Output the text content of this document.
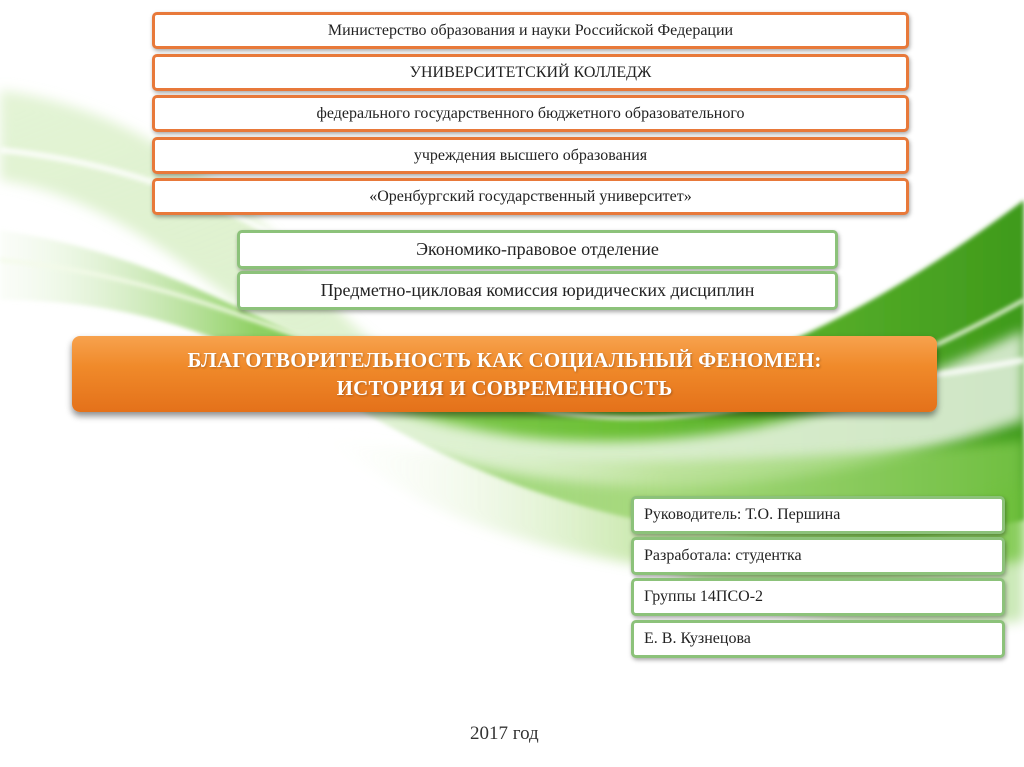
Министерство образования и науки Российской Федерации
УНИВЕРСИТЕТСКИЙ КОЛЛЕДЖ
федерального государственного бюджетного образовательного
учреждения высшего образования
«Оренбургский государственный университет»
Экономико-правовое отделение
Предметно-цикловая комиссия юридических дисциплин
БЛАГОТВОРИТЕЛЬНОСТЬ КАК СОЦИАЛЬНЫЙ ФЕНОМЕН:
ИСТОРИЯ И СОВРЕМЕННОСТЬ
Руководитель: Т.О. Першина
Разработала: студентка
Группы 14ПСО-2
Е. В. Кузнецова
2017 год
